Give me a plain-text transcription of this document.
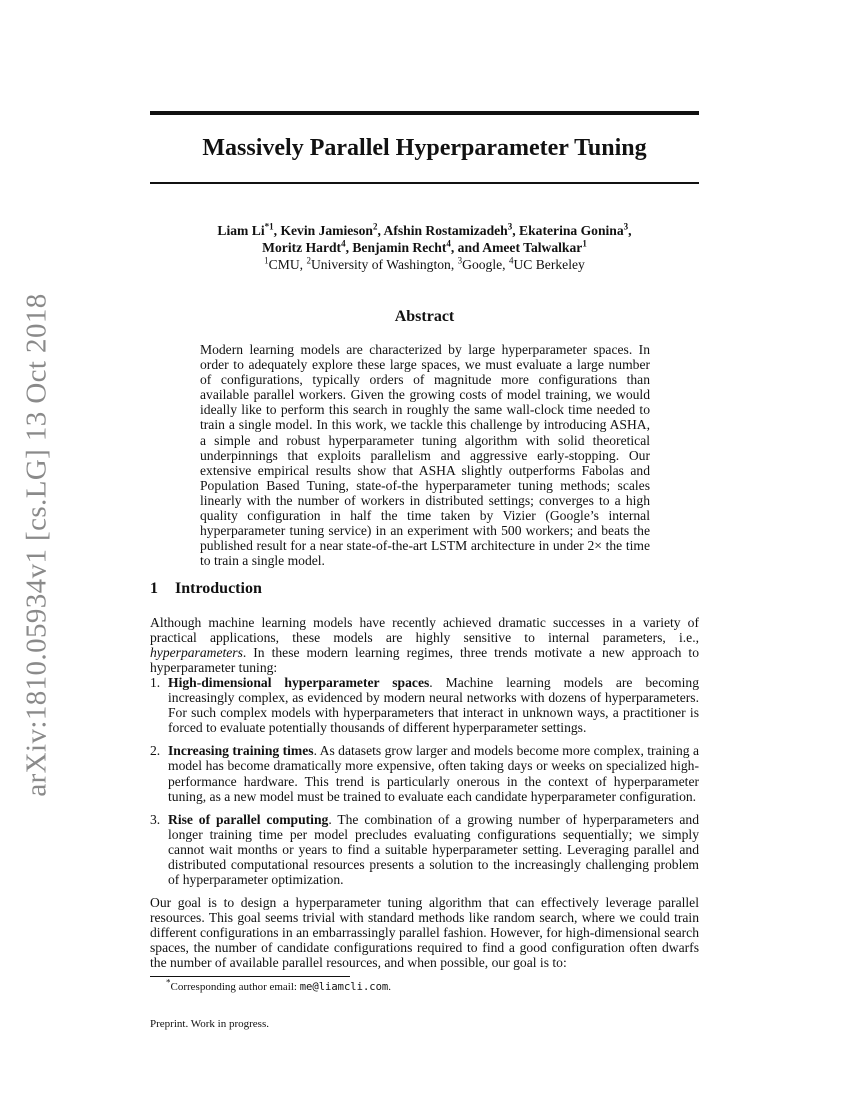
arXiv:1810.05934v1 [cs.LG] 13 Oct 2018
Massively Parallel Hyperparameter Tuning
Liam Li$^{*1}$, Kevin Jamieson$^2$, Afshin Rostamizadeh$^3$, Ekaterina Gonina$^3$,
Moritz Hardt$^4$, Benjamin Recht$^4$, and Ameet Talwalkar$^1$
$^1$CMU, $^2$University of Washington, $^3$Google, $^4$UC Berkeley
Abstract

Modern learning models are characterized by large hyperparameter spaces. In order to adequately explore these large spaces, we must evaluate a large number of configurations, typically orders of magnitude more configurations than available parallel workers. Given the growing costs of model training, we would ideally like to perform this search in roughly the same wall-clock time needed to train a single model. In this work, we tackle this challenge by introducing ASHA, a simple and robust hyperparameter tuning algorithm with solid theoretical underpinnings that exploits parallelism and aggressive early-stopping. Our extensive empirical results show that ASHA slightly outperforms Fabolas and Population Based Tuning, state-of-the hyperparameter tuning methods; scales linearly with the number of workers in distributed settings; converges to a high quality configuration in half the time taken by Vizier (Google’s internal hyperparameter tuning service) in an experiment with 500 workers; and beats the published result for a near state-of-the-art LSTM architecture in under 2× the time to train a single model.

1 Introduction

Although machine learning models have recently achieved dramatic successes in a variety of practical applications, these models are highly sensitive to internal parameters, i.e., hyperparameters. In these modern learning regimes, three trends motivate a new approach to hyperparameter tuning:

1. High-dimensional hyperparameter spaces. Machine learning models are becoming increasingly complex, as evidenced by modern neural networks with dozens of hyperparameters. For such complex models with hyperparameters that interact in unknown ways, a practitioner is forced to evaluate potentially thousands of different hyperparameter settings.
2. Increasing training times. As datasets grow larger and models become more complex, training a model has become dramatically more expensive, often taking days or weeks on specialized high-performance hardware. This trend is particularly onerous in the context of hyperparameter tuning, as a new model must be trained to evaluate each candidate hyperparameter configuration.
3. Rise of parallel computing. The combination of a growing number of hyperparameters and longer training time per model precludes evaluating configurations sequentially; we simply cannot wait months or years to find a suitable hyperparameter setting. Leveraging parallel and distributed computational resources presents a solution to the increasingly challenging problem of hyperparameter optimization.

Our goal is to design a hyperparameter tuning algorithm that can effectively leverage parallel resources. This goal seems trivial with standard methods like random search, where we could train different configurations in an embarrassingly parallel fashion. However, for high-dimensional search spaces, the number of candidate configurations required to find a good configuration often dwarfs the number of available parallel resources, and when possible, our goal is to:

*Corresponding author email: me@liamcli.com.
Preprint. Work in progress.
